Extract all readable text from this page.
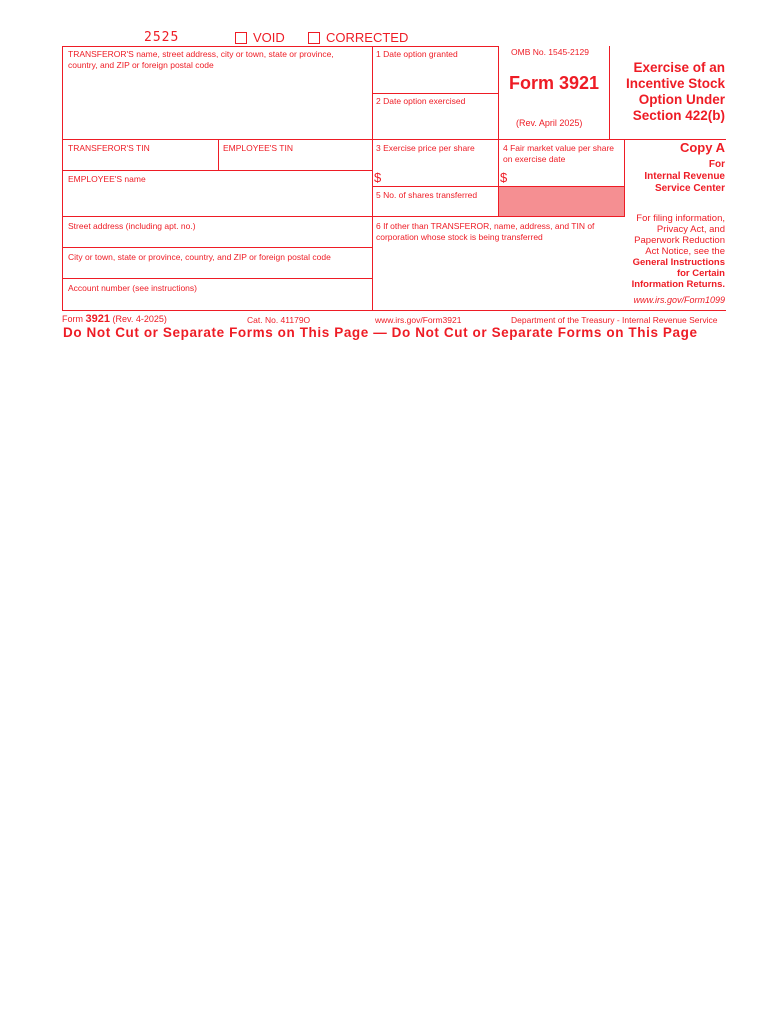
2525	VOID	CORRECTED
TRANSFEROR'S name, street address, city or town, state or province, country, and ZIP or foreign postal code
TRANSFEROR'S TIN	EMPLOYEE'S TIN
EMPLOYEE'S name
Street address (including apt. no.)
City or town, state or province, country, and ZIP or foreign postal code
Account number (see instructions)
1 Date option granted
2 Date option exercised
OMB No. 1545-2129
Form 3921
(Rev. April 2025)
3 Exercise price per share
$
4 Fair market value per share on exercise date
$
5 No. of shares transferred
6 If other than TRANSFEROR, name, address, and TIN of corporation whose stock is being transferred
Exercise of an
Incentive Stock
Option Under
Section 422(b)
Copy A
For
Internal Revenue
Service Center
For filing information,
Privacy Act, and
Paperwork Reduction
Act Notice, see the
General Instructions
for Certain
Information Returns.
www.irs.gov/Form1099
Form 3921 (Rev. 4-2025)	Cat. No. 41179O	www.irs.gov/Form3921	Department of the Treasury - Internal Revenue Service
Do Not Cut or Separate Forms on This Page — Do Not Cut or Separate Forms on This Page
